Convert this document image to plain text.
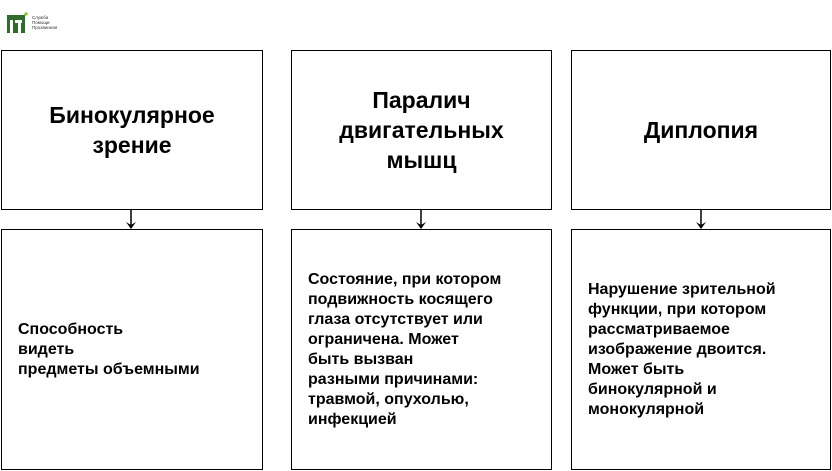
Служба
Помощи
Прохвинная
Бинокулярное
зрение
Способность
видеть
предметы объемными
Паралич
двигательных
мышц
Состояние, при котором
подвижность косящего
глаза отсутствует или
ограничена. Может
быть вызван
разными причинами:
травмой, опухолью,
инфекцией
Диплопия
Нарушение зрительной
функции, при котором
рассматриваемое
изображение двоится.
Может быть
бинокулярной и
монокулярной
